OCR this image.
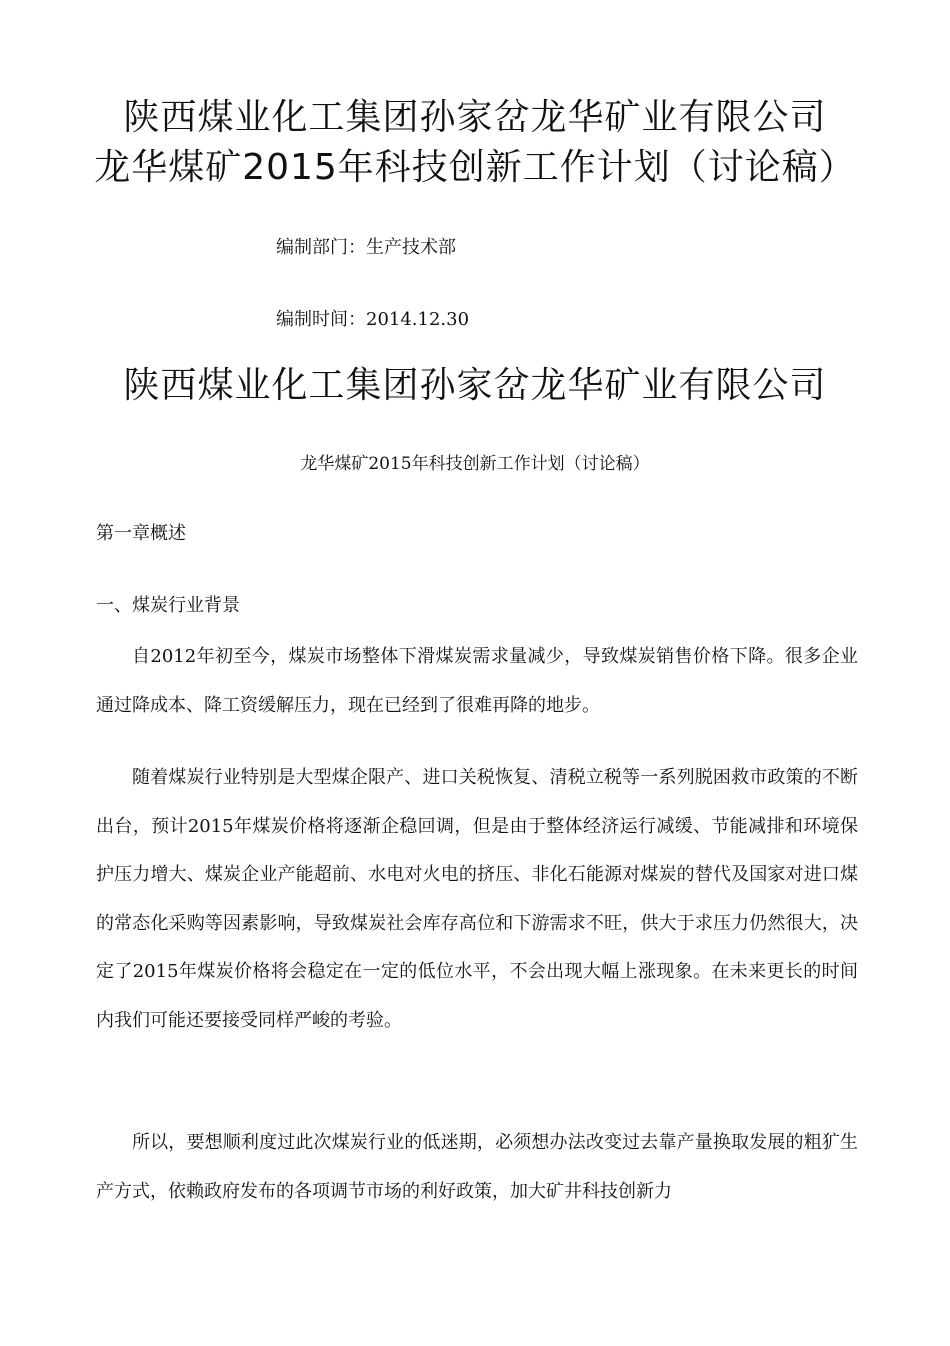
陕西煤业化工集团孙家岔龙华矿业有限公司
龙华煤矿2015年科技创新工作计划（讨论稿）
编制部门：生产技术部
编制时间：2014.12.30
陕西煤业化工集团孙家岔龙华矿业有限公司
龙华煤矿2015年科技创新工作计划（讨论稿）
第一章概述
一、煤炭行业背景

自2012年初至今，煤炭市场整体下滑煤炭需求量减少，导致煤炭销售价格下降。很多企业通过降成本、降工资缓解压力，现在已经到了很难再降的地步。

随着煤炭行业特别是大型煤企限产、进口关税恢复、清税立税等一系列脱困救市政策的不断出台，预计2015年煤炭价格将逐渐企稳回调，但是由于整体经济运行减缓、节能减排和环境保护压力增大、煤炭企业产能超前、水电对火电的挤压、非化石能源对煤炭的替代及国家对进口煤的常态化采购等因素影响，导致煤炭社会库存高位和下游需求不旺，供大于求压力仍然很大，决定了2015年煤炭价格将会稳定在一定的低位水平，不会出现大幅上涨现象。在未来更长的时间内我们可能还要接受同样严峻的考验。

所以，要想顺利度过此次煤炭行业的低迷期，必须想办法改变过去靠产量换取发展的粗犷生产方式，依赖政府发布的各项调节市场的利好政策，加大矿井科技创新力
